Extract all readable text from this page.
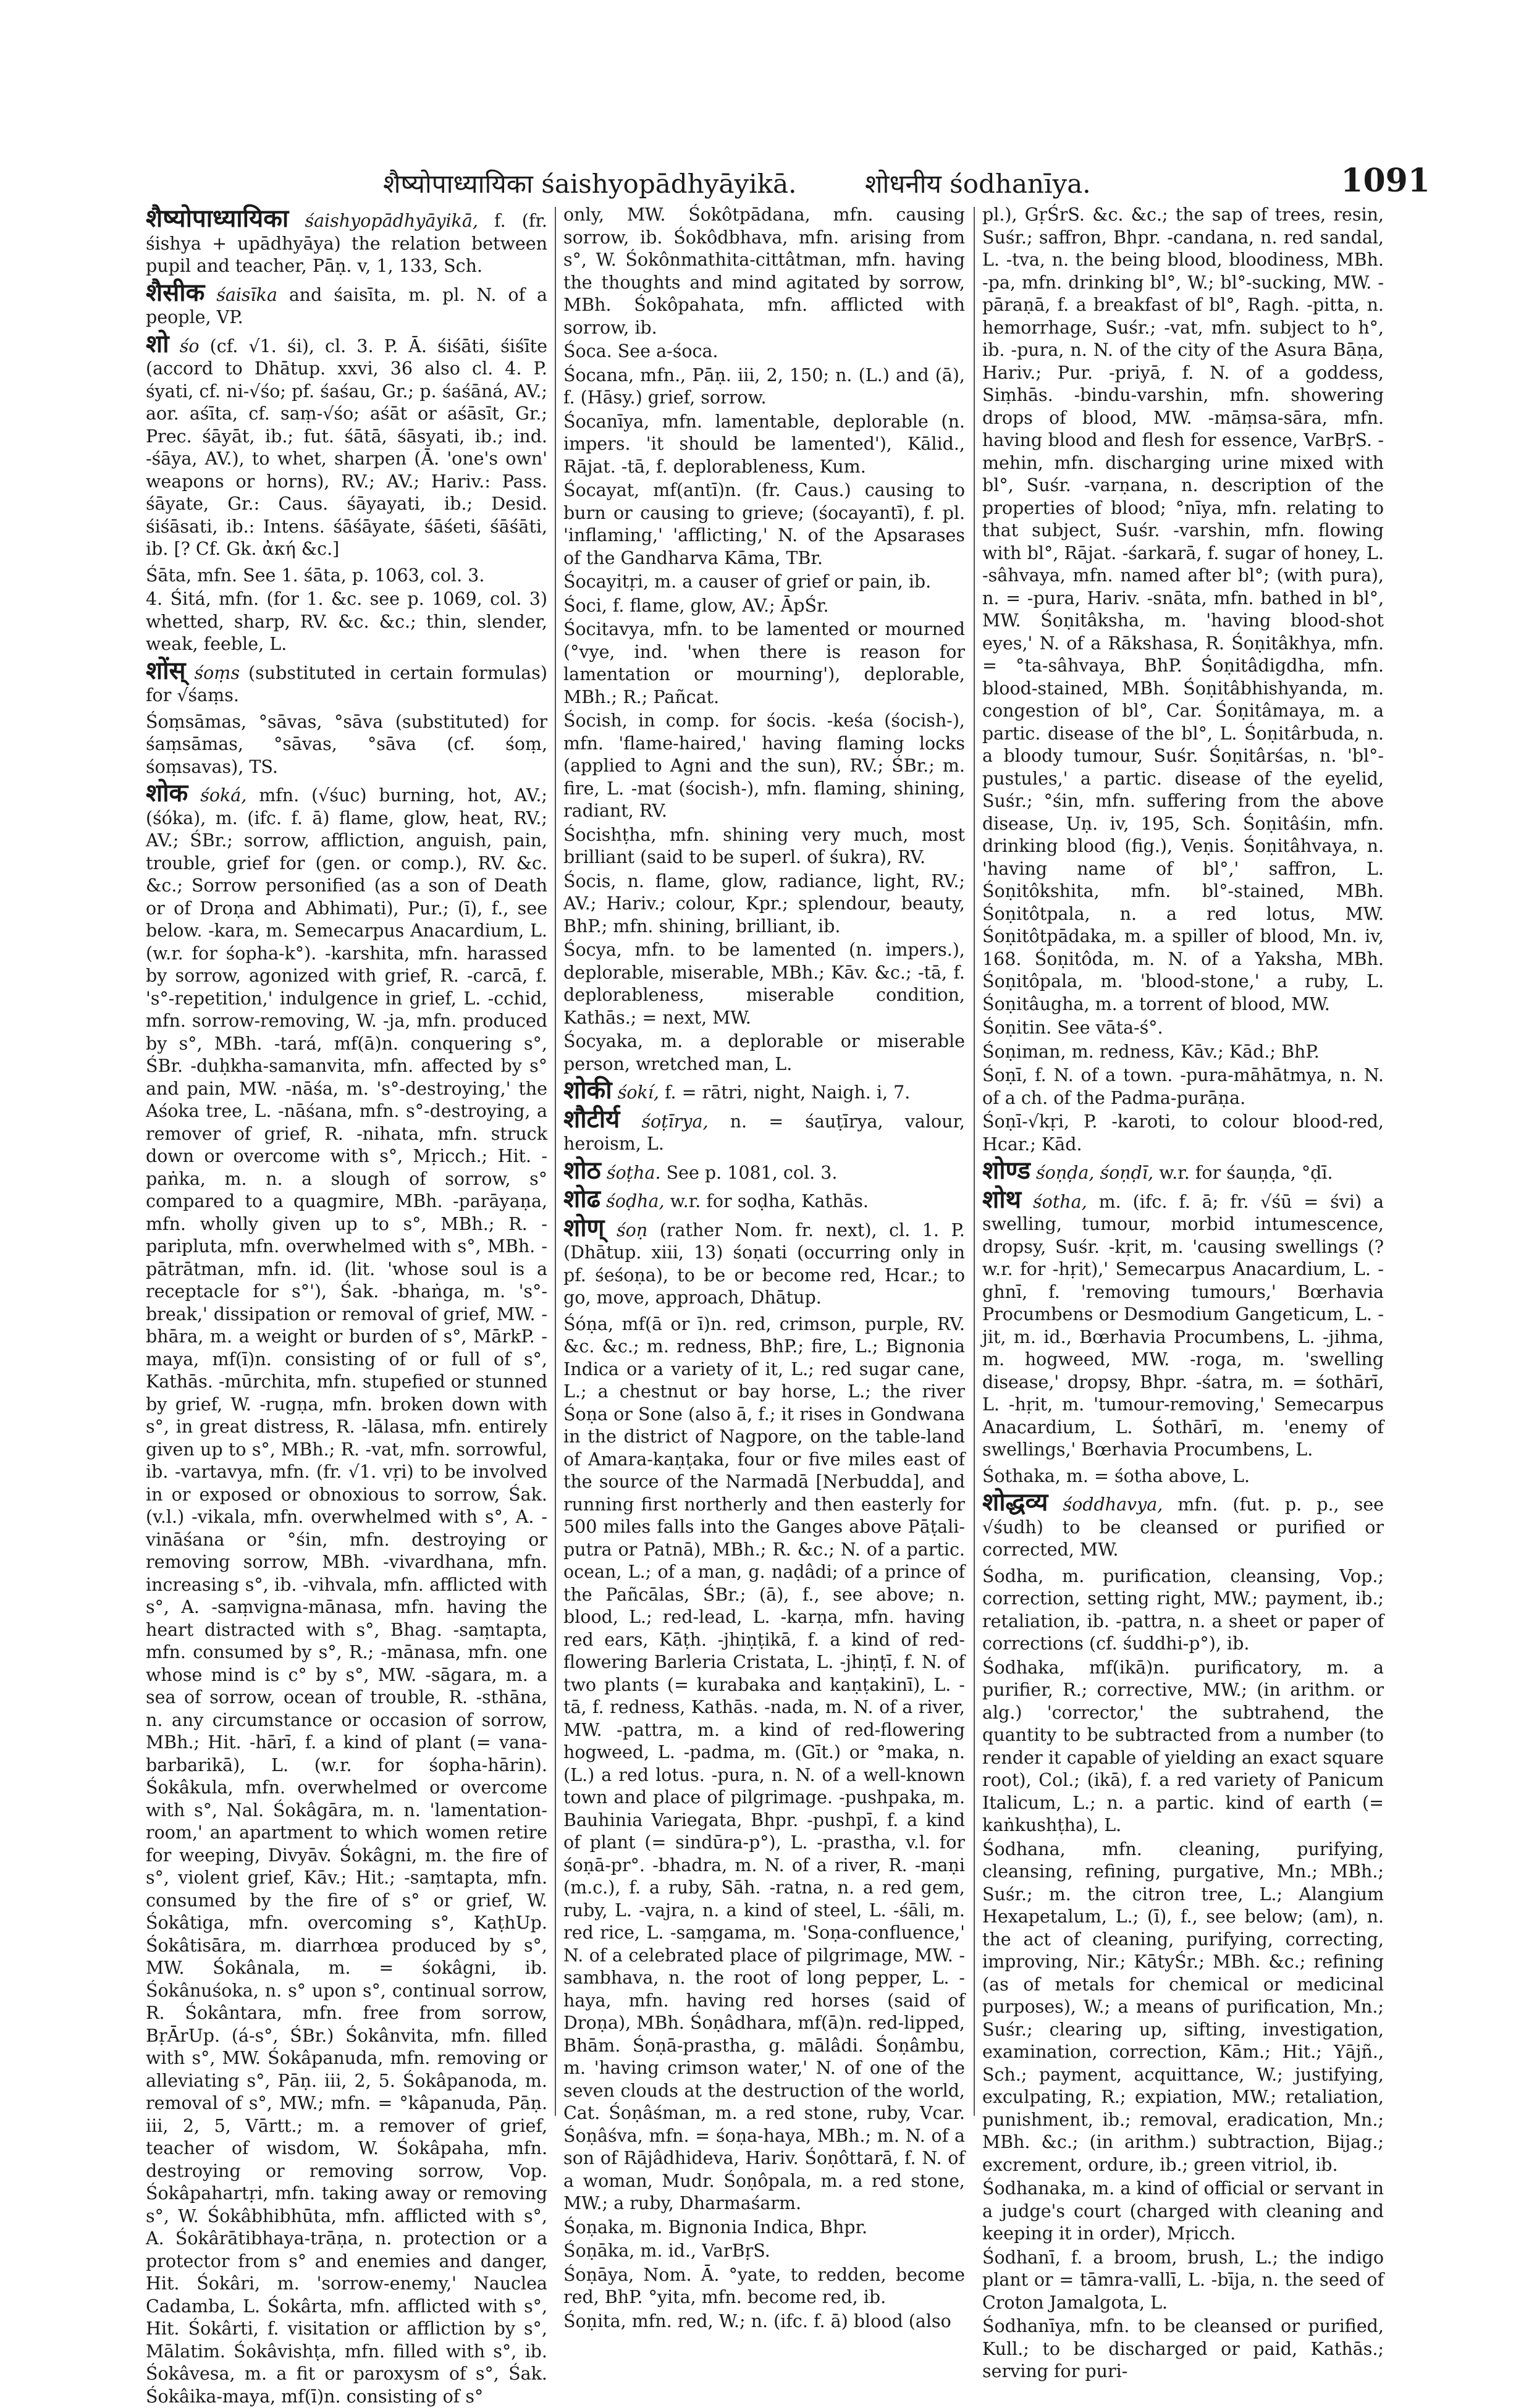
शैष्योपाध्यायिका śaishyopādhyāyikā.	शोधनीय śodhanīya.	1091

शैष्योपाध्यायिका śaishyopādhyāyikā, f. (fr. śishya + upādhyāya) the relation between pupil and teacher, Pāṇ. v, 1, 133, Sch.

शैसीक śaisīka and śaisīta, m. pl. N. of a people, VP.

शो śo (cf. √1. śi), cl. 3. P. Ā. śiśāti, śiśīte (accord to Dhātup. xxvi, 36 also cl. 4. P. śyati, cf. ni-√śo; pf. śaśau, Gr.; p. śaśāná, AV.; aor. aśīta, cf. saṃ-√śo; aśāt or aśāsīt, Gr.; Prec. śāyāt, ib.; fut. śātā, śāsyati, ib.; ind. -śāya, AV.), to whet, sharpen (Ā. 'one's own' weapons or horns), RV.; AV.; Hariv.: Pass. śāyate, Gr.: Caus. śāyayati, ib.; Desid. śiśāsati, ib.: Intens. śāśāyate, śāśeti, śāśāti, ib. [? Cf. Gk. ἀκή &c.]

Śāta, mfn. See 1. śāta, p. 1063, col. 3.

4. Śitá, mfn. (for 1. &c. see p. 1069, col. 3) whetted, sharp, RV. &c. &c.; thin, slender, weak, feeble, L.

शोंस् śoṃs (substituted in certain formulas) for √śaṃs.

Śoṃsāmas, °sāvas, °sāva (substituted) for śaṃsāmas, °sāvas, °sāva (cf. śoṃ, śoṃsavas), TS.

शोक śoká, mfn. (√śuc) burning, hot, AV.; (śóka), m. (ifc. f. ā) flame, glow, heat, RV.; AV.; ŚBr.; sorrow, affliction, anguish, pain, trouble, grief for (gen. or comp.), RV. &c. &c.; Sorrow personified (as a son of Death or of Droṇa and Abhimati), Pur.; (ī), f., see below. -kara, m. Semecarpus Anacardium, L. (w.r. for śopha-k°). -karshita, mfn. harassed by sorrow, agonized with grief, R. -carcā, f. 's°-repetition,' indulgence in grief, L. -cchid, mfn. sorrow-removing, W. -ja, mfn. produced by s°, MBh. -tará, mf(ā)n. conquering s°, ŚBr. -duḥkha-samanvita, mfn. affected by s° and pain, MW. -nāśa, m. 's°-destroying,' the Aśoka tree, L. -nāśana, mfn. s°-destroying, a remover of grief, R. -nihata, mfn. struck down or overcome with s°, Mṛicch.; Hit. -paṅka, m. n. a slough of sorrow, s° compared to a quagmire, MBh. -parāyaṇa, mfn. wholly given up to s°, MBh.; R. -paripluta, mfn. overwhelmed with s°, MBh. -pātrātman, mfn. id. (lit. 'whose soul is a receptacle for s°'), Śak. -bhaṅga, m. 's°-break,' dissipation or removal of grief, MW. -bhāra, m. a weight or burden of s°, MārkP. -maya, mf(ī)n. consisting of or full of s°, Kathās. -mūrchita, mfn. stupefied or stunned by grief, W. -rugṇa, mfn. broken down with s°, in great distress, R. -lālasa, mfn. entirely given up to s°, MBh.; R. -vat, mfn. sorrowful, ib. -vartavya, mfn. (fr. √1. vṛi) to be involved in or exposed or obnoxious to sorrow, Śak. (v.l.) -vikala, mfn. overwhelmed with s°, A. -vināśana or °śin, mfn. destroying or removing sorrow, MBh. -vivardhana, mfn. increasing s°, ib. -vihvala, mfn. afflicted with s°, A. -saṃvigna-mānasa, mfn. having the heart distracted with s°, Bhag. -saṃtapta, mfn. consumed by s°, R.; -mānasa, mfn. one whose mind is c° by s°, MW. -sāgara, m. a sea of sorrow, ocean of trouble, R. -sthāna, n. any circumstance or occasion of sorrow, MBh.; Hit. -hārī, f. a kind of plant (= vana-barbarikā), L. (w.r. for śopha-hārin). Śokâkula, mfn. overwhelmed or overcome with s°, Nal. Śokâgāra, m. n. 'lamentation-room,' an apartment to which women retire for weeping, Divyāv. Śokâgni, m. the fire of s°, violent grief, Kāv.; Hit.; -saṃtapta, mfn. consumed by the fire of s° or grief, W. Śokâtiga, mfn. overcoming s°, KaṭhUp. Śokâtisāra, m. diarrhœa produced by s°, MW. Śokânala, m. = śokâgni, ib. Śokânuśoka, n. s° upon s°, continual sorrow, R. Śokântara, mfn. free from sorrow, BṛĀrUp. (á-s°, ŚBr.) Śokânvita, mfn. filled with s°, MW. Śokâpanuda, mfn. removing or alleviating s°, Pāṇ. iii, 2, 5. Śokâpanoda, m. removal of s°, MW.; mfn. = °kâpanuda, Pāṇ. iii, 2, 5, Vārtt.; m. a remover of grief, teacher of wisdom, W. Śokâpaha, mfn. destroying or removing sorrow, Vop. Śokâpahartṛi, mfn. taking away or removing s°, W. Śokâbhibhūta, mfn. afflicted with s°, A. Śokârātibhaya-trāṇa, n. protection or a protector from s° and enemies and danger, Hit. Śokâri, m. 'sorrow-enemy,' Nauclea Cadamba, L. Śokârta, mfn. afflicted with s°, Hit. Śokârti, f. visitation or affliction by s°, Mālatim. Śokâvishṭa, mfn. filled with s°, ib. Śokâvesa, m. a fit or paroxysm of s°, Śak. Śokâika-maya, mf(ī)n. consisting of s°

only, MW. Śokôtpādana, mfn. causing sorrow, ib. Śokôdbhava, mfn. arising from s°, W. Śokônmathita-cittâtman, mfn. having the thoughts and mind agitated by sorrow, MBh. Śokôpahata, mfn. afflicted with sorrow, ib.

Śoca. See a-śoca.

Śocana, mfn., Pāṇ. iii, 2, 150; n. (L.) and (ā), f. (Hāsy.) grief, sorrow.

Śocanīya, mfn. lamentable, deplorable (n. impers. 'it should be lamented'), Kālid., Rājat. -tā, f. deplorableness, Kum.

Śocayat, mf(antī)n. (fr. Caus.) causing to burn or causing to grieve; (śocayantī), f. pl. 'inflaming,' 'afflicting,' N. of the Apsarases of the Gandharva Kāma, TBr.

Śocayitṛi, m. a causer of grief or pain, ib.

Śoci, f. flame, glow, AV.; ĀpŚr.

Śocitavya, mfn. to be lamented or mourned (°vye, ind. 'when there is reason for lamentation or mourning'), deplorable, MBh.; R.; Pañcat.

Śocish, in comp. for śocis. -keśa (śocish-), mfn. 'flame-haired,' having flaming locks (applied to Agni and the sun), RV.; ŚBr.; m. fire, L. -mat (śocish-), mfn. flaming, shining, radiant, RV.

Śocishṭha, mfn. shining very much, most brilliant (said to be superl. of śukra), RV.

Śocis, n. flame, glow, radiance, light, RV.; AV.; Hariv.; colour, Kpr.; splendour, beauty, BhP.; mfn. shining, brilliant, ib.

Śocya, mfn. to be lamented (n. impers.), deplorable, miserable, MBh.; Kāv. &c.; -tā, f. deplorableness, miserable condition, Kathās.; = next, MW.

Śocyaka, m. a deplorable or miserable person, wretched man, L.

शोकी śokí, f. = rātri, night, Naigh. i, 7.

शौटीर्य śoṭīrya, n. = śauṭīrya, valour, heroism, L.

शोठ śoṭha. See p. 1081, col. 3.

शोढ śoḍha, w.r. for soḍha, Kathās.

शोण् śoṇ (rather Nom. fr. next), cl. 1. P. (Dhātup. xiii, 13) śoṇati (occurring only in pf. śeśoṇa), to be or become red, Hcar.; to go, move, approach, Dhātup.

Śóṇa, mf(ā or ī)n. red, crimson, purple, RV. &c. &c.; m. redness, BhP.; fire, L.; Bignonia Indica or a variety of it, L.; red sugar cane, L.; a chestnut or bay horse, L.; the river Śoṇa or Sone (also ā, f.; it rises in Gondwana in the district of Nagpore, on the table-land of Amara-kaṇṭaka, four or five miles east of the source of the Narmadā [Nerbudda], and running first northerly and then easterly for 500 miles falls into the Ganges above Pāṭali-putra or Patnā), MBh.; R. &c.; N. of a partic. ocean, L.; of a man, g. naḍâdi; of a prince of the Pañcālas, ŚBr.; (ā), f., see above; n. blood, L.; red-lead, L. -karṇa, mfn. having red ears, Kāṭh. -jhiṇṭikā, f. a kind of red-flowering Barleria Cristata, L. -jhiṇṭī, f. N. of two plants (= kurabaka and kaṇṭakinī), L. -tā, f. redness, Kathās. -nada, m. N. of a river, MW. -pattra, m. a kind of red-flowering hogweed, L. -padma, m. (Gīt.) or °maka, n. (L.) a red lotus. -pura, n. N. of a well-known town and place of pilgrimage. -pushpaka, m. Bauhinia Variegata, Bhpr. -pushpī, f. a kind of plant (= sindūra-p°), L. -prastha, v.l. for śoṇā-pr°. -bhadra, m. N. of a river, R. -maṇi (m.c.), f. a ruby, Sāh. -ratna, n. a red gem, ruby, L. -vajra, n. a kind of steel, L. -śāli, m. red rice, L. -saṃgama, m. 'Soṇa-confluence,' N. of a celebrated place of pilgrimage, MW. -sambhava, n. the root of long pepper, L. -haya, mfn. having red horses (said of Droṇa), MBh. Śoṇâdhara, mf(ā)n. red-lipped, Bhām. Śoṇā-prastha, g. mālâdi. Śoṇâmbu, m. 'having crimson water,' N. of one of the seven clouds at the destruction of the world, Cat. Śoṇâśman, m. a red stone, ruby, Vcar. Śoṇâśva, mfn. = śoṇa-haya, MBh.; m. N. of a son of Rājâdhideva, Hariv. Śoṇôttarā, f. N. of a woman, Mudr. Śoṇôpala, m. a red stone, MW.; a ruby, Dharmaśarm.

Śoṇaka, m. Bignonia Indica, Bhpr.

Śoṇāka, m. id., VarBṛS.

Śoṇāya, Nom. Ā. °yate, to redden, become red, BhP. °yita, mfn. become red, ib.

Śoṇita, mfn. red, W.; n. (ifc. f. ā) blood (also

pl.), GṛŚrS. &c. &c.; the sap of trees, resin, Suśr.; saffron, Bhpr. -candana, n. red sandal, L. -tva, n. the being blood, bloodiness, MBh. -pa, mfn. drinking bl°, W.; bl°-sucking, MW. -pāraṇā, f. a breakfast of bl°, Ragh. -pitta, n. hemorrhage, Suśr.; -vat, mfn. subject to h°, ib. -pura, n. N. of the city of the Asura Bāṇa, Hariv.; Pur. -priyā, f. N. of a goddess, Siṃhās. -bindu-varshin, mfn. showering drops of blood, MW. -māṃsa-sāra, mfn. having blood and flesh for essence, VarBṛS. -mehin, mfn. discharging urine mixed with bl°, Suśr. -varṇana, n. description of the properties of blood; °nīya, mfn. relating to that subject, Suśr. -varshin, mfn. flowing with bl°, Rājat. -śarkarā, f. sugar of honey, L. -sâhvaya, mfn. named after bl°; (with pura), n. = -pura, Hariv. -snāta, mfn. bathed in bl°, MW. Śoṇitâksha, m. 'having blood-shot eyes,' N. of a Rākshasa, R. Śoṇitâkhya, mfn. = °ta-sâhvaya, BhP. Śoṇitâdigdha, mfn. blood-stained, MBh. Śoṇitâbhishyanda, m. congestion of bl°, Car. Śoṇitâmaya, m. a partic. disease of the bl°, L. Śoṇitârbuda, n. a bloody tumour, Suśr. Śoṇitârśas, n. 'bl°-pustules,' a partic. disease of the eyelid, Suśr.; °śin, mfn. suffering from the above disease, Uṇ. iv, 195, Sch. Śoṇitâśin, mfn. drinking blood (fig.), Veṇis. Śoṇitâhvaya, n. 'having name of bl°,' saffron, L. Śoṇitôkshita, mfn. bl°-stained, MBh. Śoṇitôtpala, n. a red lotus, MW. Śoṇitôtpādaka, m. a spiller of blood, Mn. iv, 168. Śoṇitôda, m. N. of a Yaksha, MBh. Śoṇitôpala, m. 'blood-stone,' a ruby, L. Śoṇitâugha, m. a torrent of blood, MW.

Śoṇitin. See vāta-ś°.

Śoṇiman, m. redness, Kāv.; Kād.; BhP.

Śoṇī, f. N. of a town. -pura-māhātmya, n. N. of a ch. of the Padma-purāṇa.

Śoṇī-√kṛi, P. -karoti, to colour blood-red, Hcar.; Kād.

शोण्ड śoṇḍa, śoṇḍī, w.r. for śauṇḍa, °ḍī.

शोथ śotha, m. (ifc. f. ā; fr. √śū = śvi) a swelling, tumour, morbid intumescence, dropsy, Suśr. -kṛit, m. 'causing swellings (? w.r. for -hṛit),' Semecarpus Anacardium, L. -ghnī, f. 'removing tumours,' Bœrhavia Procumbens or Desmodium Gangeticum, L. -jit, m. id., Bœrhavia Procumbens, L. -jihma, m. hogweed, MW. -roga, m. 'swelling disease,' dropsy, Bhpr. -śatra, m. = śothārī, L. -hṛit, m. 'tumour-removing,' Semecarpus Anacardium, L. Śothārī, m. 'enemy of swellings,' Bœrhavia Procumbens, L.

Śothaka, m. = śotha above, L.

शोद्धव्य śoddhavya, mfn. (fut. p. p., see √śudh) to be cleansed or purified or corrected, MW.

Śodha, m. purification, cleansing, Vop.; correction, setting right, MW.; payment, ib.; retaliation, ib. -pattra, n. a sheet or paper of corrections (cf. śuddhi-p°), ib.

Śodhaka, mf(ikā)n. purificatory, m. a purifier, R.; corrective, MW.; (in arithm. or alg.) 'corrector,' the subtrahend, the quantity to be subtracted from a number (to render it capable of yielding an exact square root), Col.; (ikā), f. a red variety of Panicum Italicum, L.; n. a partic. kind of earth (= kaṅkushṭha), L.

Śodhana, mfn. cleaning, purifying, cleansing, refining, purgative, Mn.; MBh.; Suśr.; m. the citron tree, L.; Alangium Hexapetalum, L.; (ī), f., see below; (am), n. the act of cleaning, purifying, correcting, improving, Nir.; KātyŚr.; MBh. &c.; refining (as of metals for chemical or medicinal purposes), W.; a means of purification, Mn.; Suśr.; clearing up, sifting, investigation, examination, correction, Kām.; Hit.; Yājñ., Sch.; payment, acquittance, W.; justifying, exculpating, R.; expiation, MW.; retaliation, punishment, ib.; removal, eradication, Mn.; MBh. &c.; (in arithm.) subtraction, Bijag.; excrement, ordure, ib.; green vitriol, ib.

Śodhanaka, m. a kind of official or servant in a judge's court (charged with cleaning and keeping it in order), Mṛicch.

Śodhanī, f. a broom, brush, L.; the indigo plant or = tāmra-vallī, L. -bīja, n. the seed of Croton Jamalgota, L.

Śodhanīya, mfn. to be cleansed or purified, Kull.; to be discharged or paid, Kathās.; serving for puri-
